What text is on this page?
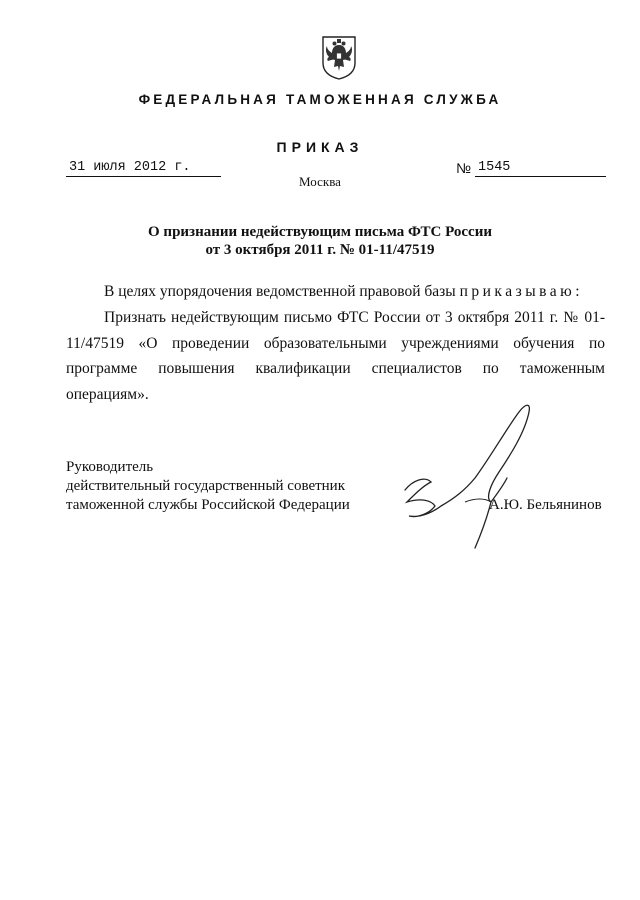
ФЕДЕРАЛЬНАЯ ТАМОЖЕННАЯ СЛУЖБА
ПРИКАЗ
31 июля 2012 г.	№ 1545
Москва
О признании недействующим письма ФТС России
от 3 октября 2011 г. № 01-11/47519
В целях упорядочения ведомственной правовой базы приказываю:
Признать недействующим письмо ФТС России от 3 октября 2011 г. № 01-11/47519 «О проведении образовательными учреждениями обучения по программе повышения квалификации специалистов по таможенным операциям».
Руководитель
действительный государственный советник
таможенной службы Российской Федерации	А.Ю. Бельянинов
